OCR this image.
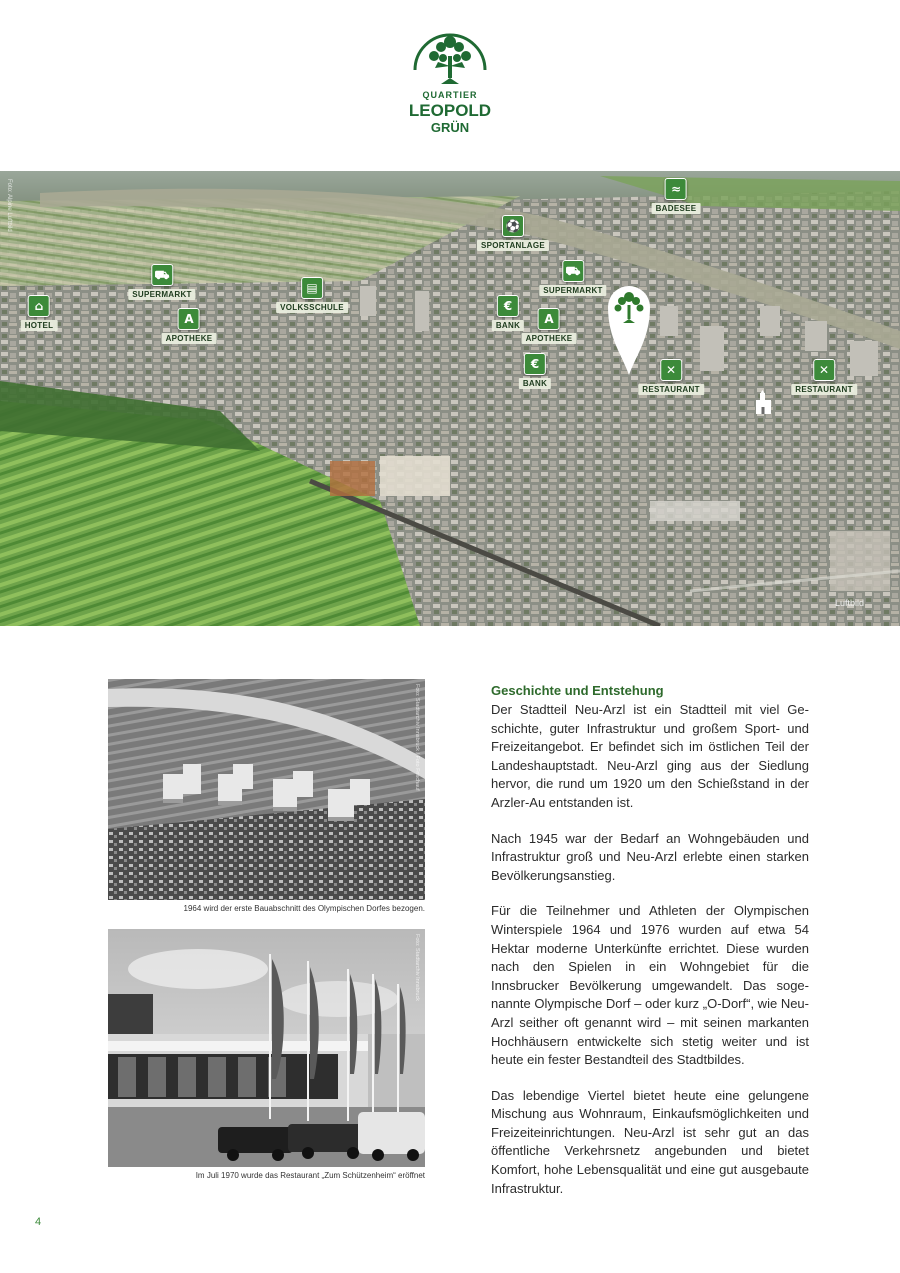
QUARTIER
LEOPOLD
GRÜN
Foto: Alpine Luftbild	≈
BADESEE
⚽
SPORTANLAGE
⛟
SUPERMARKT
⛟
SUPERMARKT
⌂
HOTEL
▤
VOLKSSCHULE
A
APOTHEKE
A
APOTHEKE
€
BANK
€
BANK
✕
RESTAURANT
✕
RESTAURANT
Luftbild
Foto: Stadtarchiv Innsbruck / Foto Frischauf
1964 wird der erste Bauabschnitt des Olympischen Dorfes bezogen.
Foto: Stadtarchiv Innsbruck
Im Juli 1970 wurde das Restaurant „Zum Schützenheim“ eröffnet
Geschichte und Entstehung

Der Stadtteil Neu-Arzl ist ein Stadtteil mit viel Geschichte, guter Infrastruktur und großem Sport- und Freizeitangebot. Er befindet sich im östlichen Teil der Landeshauptstadt. Neu-Arzl ging aus der Siedlung hervor, die rund um 1920 um den Schießstand in der Arzler-Au entstanden ist.

Nach 1945 war der Bedarf an Wohngebäuden und Infrastruktur groß und Neu-Arzl erlebte einen starken Bevölkerungsanstieg.

Für die Teilnehmer und Athleten der Olympischen Winterspiele 1964 und 1976 wurden auf etwa 54 Hektar moderne Unterkünfte errichtet. Diese wurden nach den Spielen in ein Wohngebiet für die Innsbrucker Bevölkerung umgewandelt. Das sogenannte Olympische Dorf – oder kurz „O-Dorf“, wie Neu-Arzl seither oft genannt wird – mit seinen markanten Hochhäusern entwickelte sich stetig weiter und ist heute ein fester Bestandteil des Stadtbildes.

Das lebendige Viertel bietet heute eine gelungene Mischung aus Wohnraum, Einkaufsmöglichkeiten und Freizeiteinrichtungen. Neu-Arzl ist sehr gut an das öffentliche Verkehrsnetz angebunden und bietet Komfort, hohe Lebensqualität und eine gut ausgebaute Infrastruktur.

4
